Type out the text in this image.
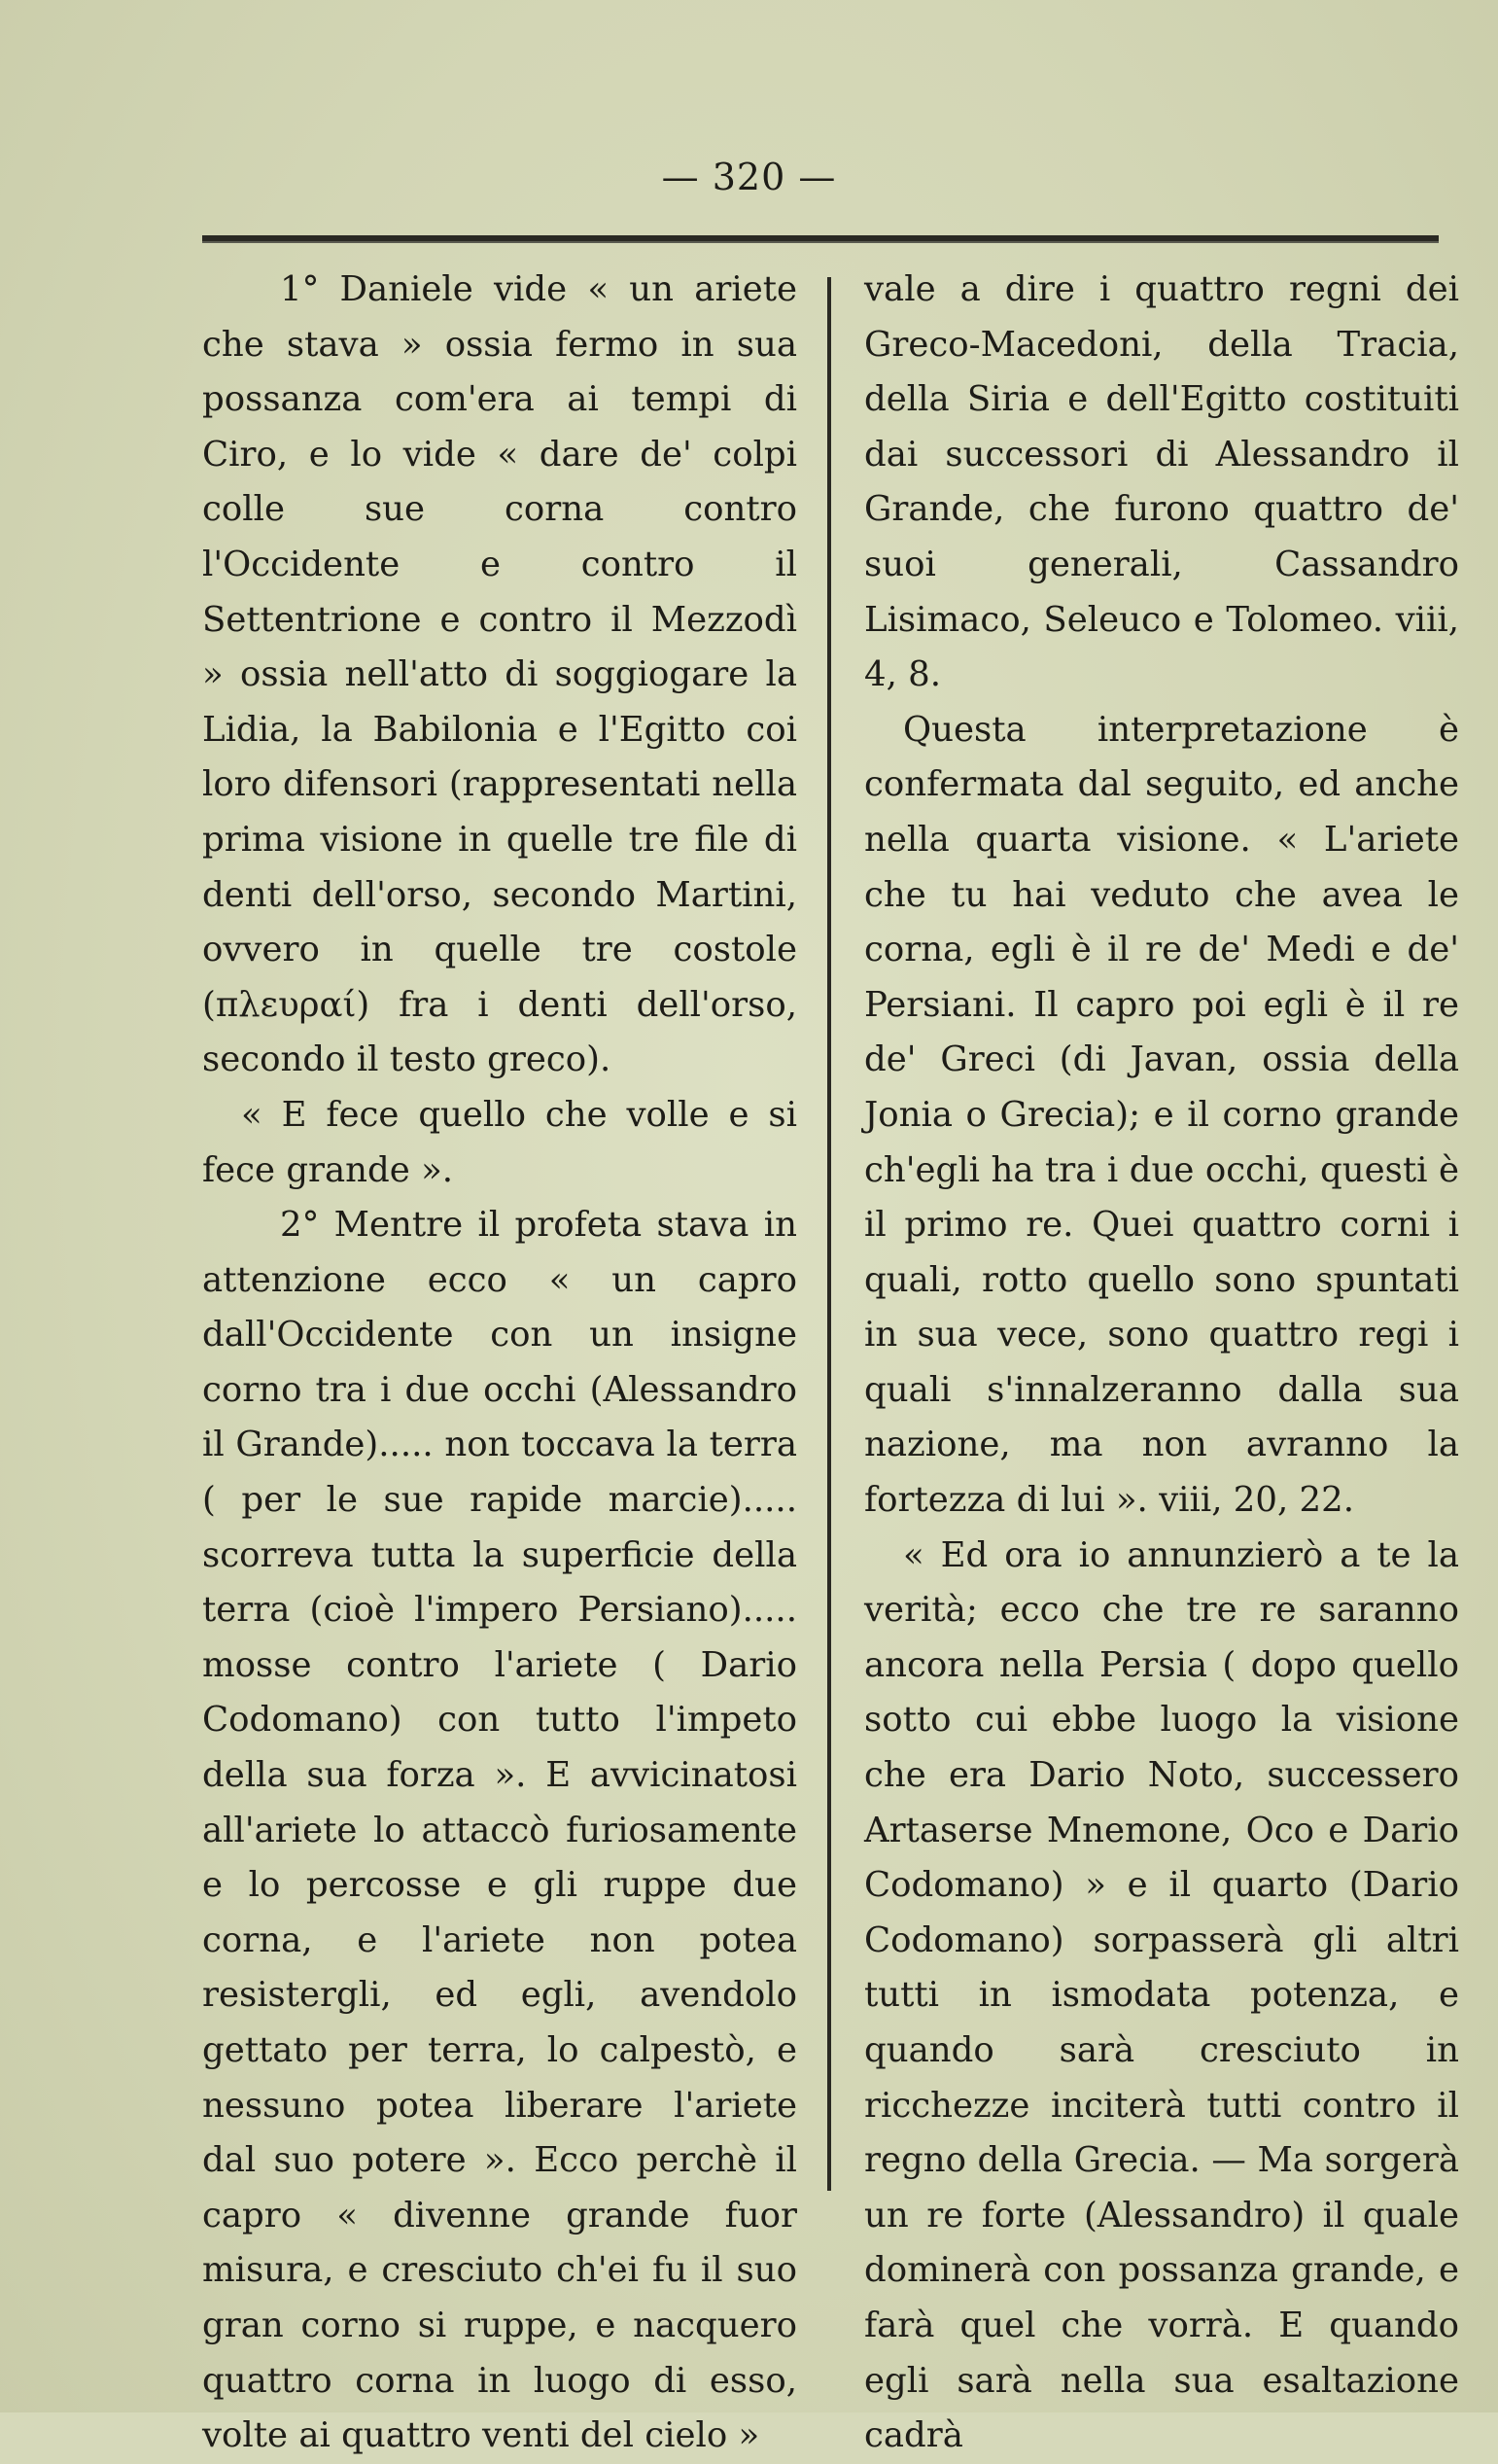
— 320 —

1° Daniele vide « un ariete che stava » ossia fermo in sua possanza com'era ai tempi di Ciro, e lo vide « dare de' colpi colle sue corna contro l'Occidente e contro il Settentrione e contro il Mezzodì » ossia nell'atto di soggiogare la Lidia, la Babilonia e l'Egitto coi loro difensori (rappresentati nella prima visione in quelle tre file di denti dell'orso, secondo Martini, ovvero in quelle tre costole (πλευραί) fra i denti dell'orso, secondo il testo greco).

« E fece quello che volle e si fece grande ».

2° Mentre il profeta stava in attenzione ecco « un capro dall'Occidente con un insigne corno tra i due occhi (Alessandro il Grande)..... non toccava la terra ( per le sue rapide marcie)..... scorreva tutta la superficie della terra (cioè l'impero Persiano)..... mosse contro l'ariete ( Dario Codomano) con tutto l'impeto della sua forza ». E avvicinatosi all'ariete lo attaccò furiosamente e lo percosse e gli ruppe due corna, e l'ariete non potea resistergli, ed egli, avendolo gettato per terra, lo calpestò, e nessuno potea liberare l'ariete dal suo potere ». Ecco perchè il capro « divenne grande fuor misura, e cresciuto ch'ei fu il suo gran corno si ruppe, e nacquero quattro corna in luogo di esso, volte ai quattro venti del cielo »

vale a dire i quattro regni dei Greco-Macedoni, della Tracia, della Siria e dell'Egitto costituiti dai successori di Alessandro il Grande, che furono quattro de' suoi generali, Cassandro Lisimaco, Seleuco e Tolomeo. viii, 4, 8.

Questa interpretazione è confermata dal seguito, ed anche nella quarta visione. « L'ariete che tu hai veduto che avea le corna, egli è il re de' Medi e de' Persiani. Il capro poi egli è il re de' Greci (di Javan, ossia della Jonia o Grecia); e il corno grande ch'egli ha tra i due occhi, questi è il primo re. Quei quattro corni i quali, rotto quello sono spuntati in sua vece, sono quattro regi i quali s'innalzeranno dalla sua nazione, ma non avranno la fortezza di lui ». viii, 20, 22.

« Ed ora io annunzierò a te la verità; ecco che tre re saranno ancora nella Persia ( dopo quello sotto cui ebbe luogo la visione che era Dario Noto, successero Artaserse Mnemone, Oco e Dario Codomano) » e il quarto (Dario Codomano) sorpasserà gli altri tutti in ismodata potenza, e quando sarà cresciuto in ricchezze inciterà tutti contro il regno della Grecia. — Ma sorgerà un re forte (Alessandro) il quale dominerà con possanza grande, e farà quel che vorrà. E quando egli sarà nella sua esaltazione cadrà
